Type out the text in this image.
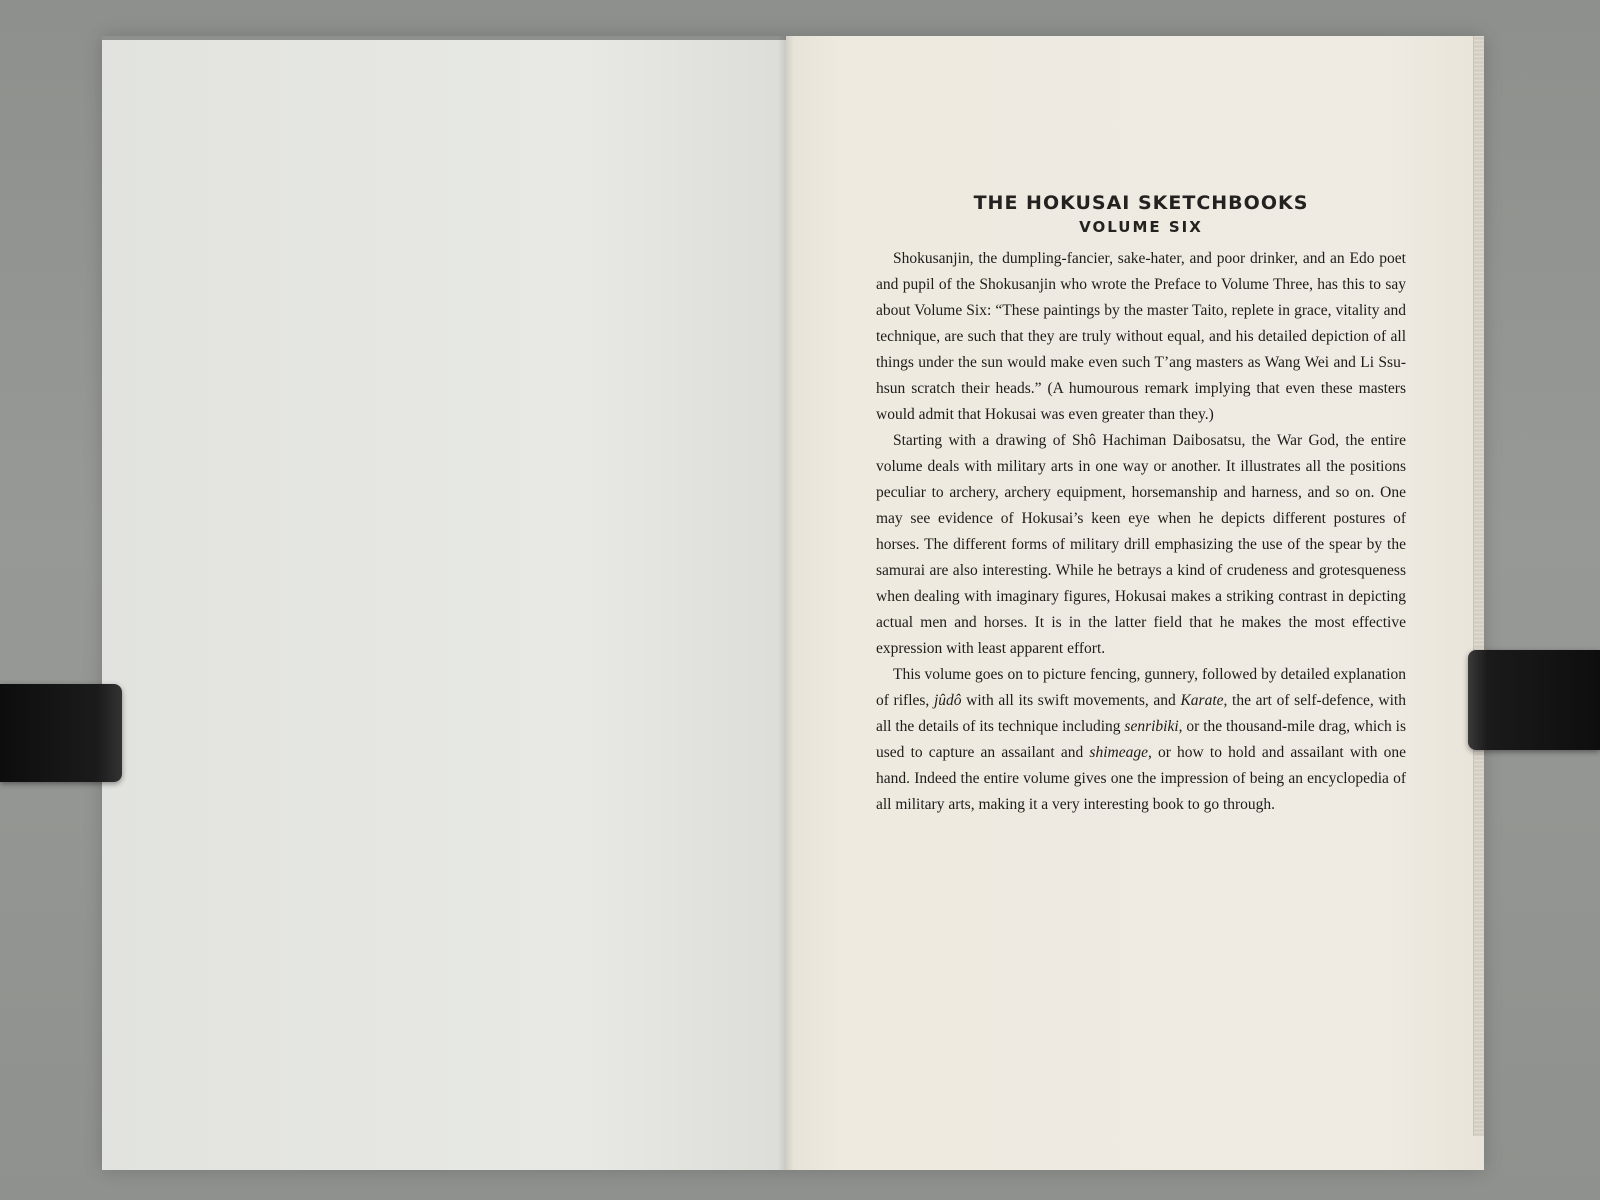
THE HOKUSAI SKETCHBOOKS
VOLUME SIX

Shokusanjin, the dumpling-fancier, sake-hater, and poor drinker, and an Edo poet and pupil of the Shokusanjin who wrote the Preface to Volume Three, has this to say about Volume Six: “These paintings by the master Taito, replete in grace, vitality and technique, are such that they are truly without equal, and his detailed depiction of all things under the sun would make even such T’ang masters as Wang Wei and Li Ssu-hsun scratch their heads.” (A humourous remark implying that even these masters would admit that Hokusai was even greater than they.)

Starting with a drawing of Shô Hachiman Daibosatsu, the War God, the entire volume deals with military arts in one way or another. It illustrates all the positions peculiar to archery, archery equipment, horsemanship and harness, and so on. One may see evidence of Hokusai’s keen eye when he depicts different postures of horses. The different forms of military drill emphasizing the use of the spear by the samurai are also interesting. While he betrays a kind of crudeness and grotesqueness when dealing with imaginary figures, Hokusai makes a striking contrast in depicting actual men and horses. It is in the latter field that he makes the most effective expression with least apparent effort.

This volume goes on to picture fencing, gunnery, followed by detailed explanation of rifles, jûdô with all its swift movements, and Karate, the art of self-defence, with all the details of its technique including senribiki, or the thousand-mile drag, which is used to capture an assailant and shimeage, or how to hold and assailant with one hand. Indeed the entire volume gives one the impression of being an encyclopedia of all military arts, making it a very interesting book to go through.
